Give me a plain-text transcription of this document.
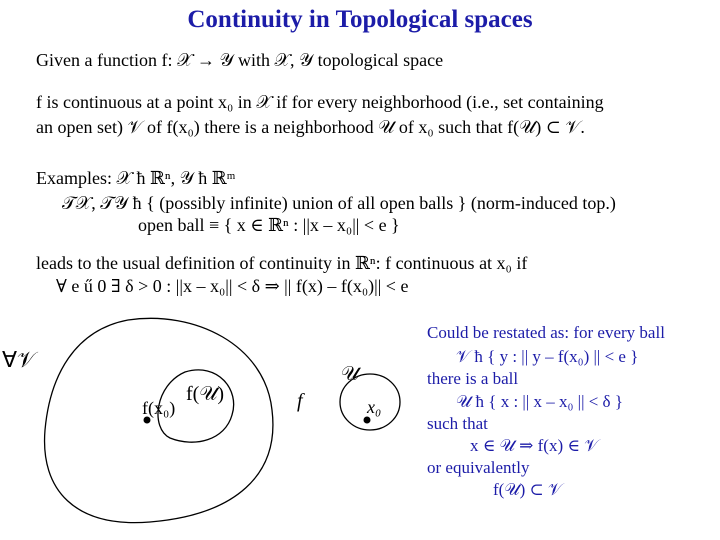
Continuity in Topological spaces
Given a function f: 𝒳 → 𝒴 with 𝒳, 𝒴 topological space
f is continuous at a point x₀ in 𝒳 if for every neighborhood (i.e., set containing
an open set) 𝒱 of f(x₀) there is a neighborhood 𝒰 of x₀ such that f(𝒰) ⊂ 𝒱.
Examples: 𝒳 ħ ℝⁿ, 𝒴 ħ ℝᵐ
𝒯𝒳, 𝒯𝒴 ħ { (possibly infinite) union of all open balls } (norm-induced top.)
open ball ≡ { x ∈ ℝⁿ : ||x – x₀|| < e }
leads to the usual definition of continuity in ℝⁿ: f continuous at x₀ if
∀ e ű 0 ∃ δ > 0 : ||x – x₀|| < δ ⇒ || f(x) – f(x₀)|| < e
∀𝒱
f(x₀)
f(𝒰)	f
𝒰
x₀
Could be restated as: for every ball
𝒱 ħ { y : || y – f(x₀) || < e }
there is a ball
𝒰 ħ { x : || x – x₀ || < δ }
such that
x ∈ 𝒰 ⇒ f(x) ∈ 𝒱
or equivalently
f(𝒰) ⊂ 𝒱
